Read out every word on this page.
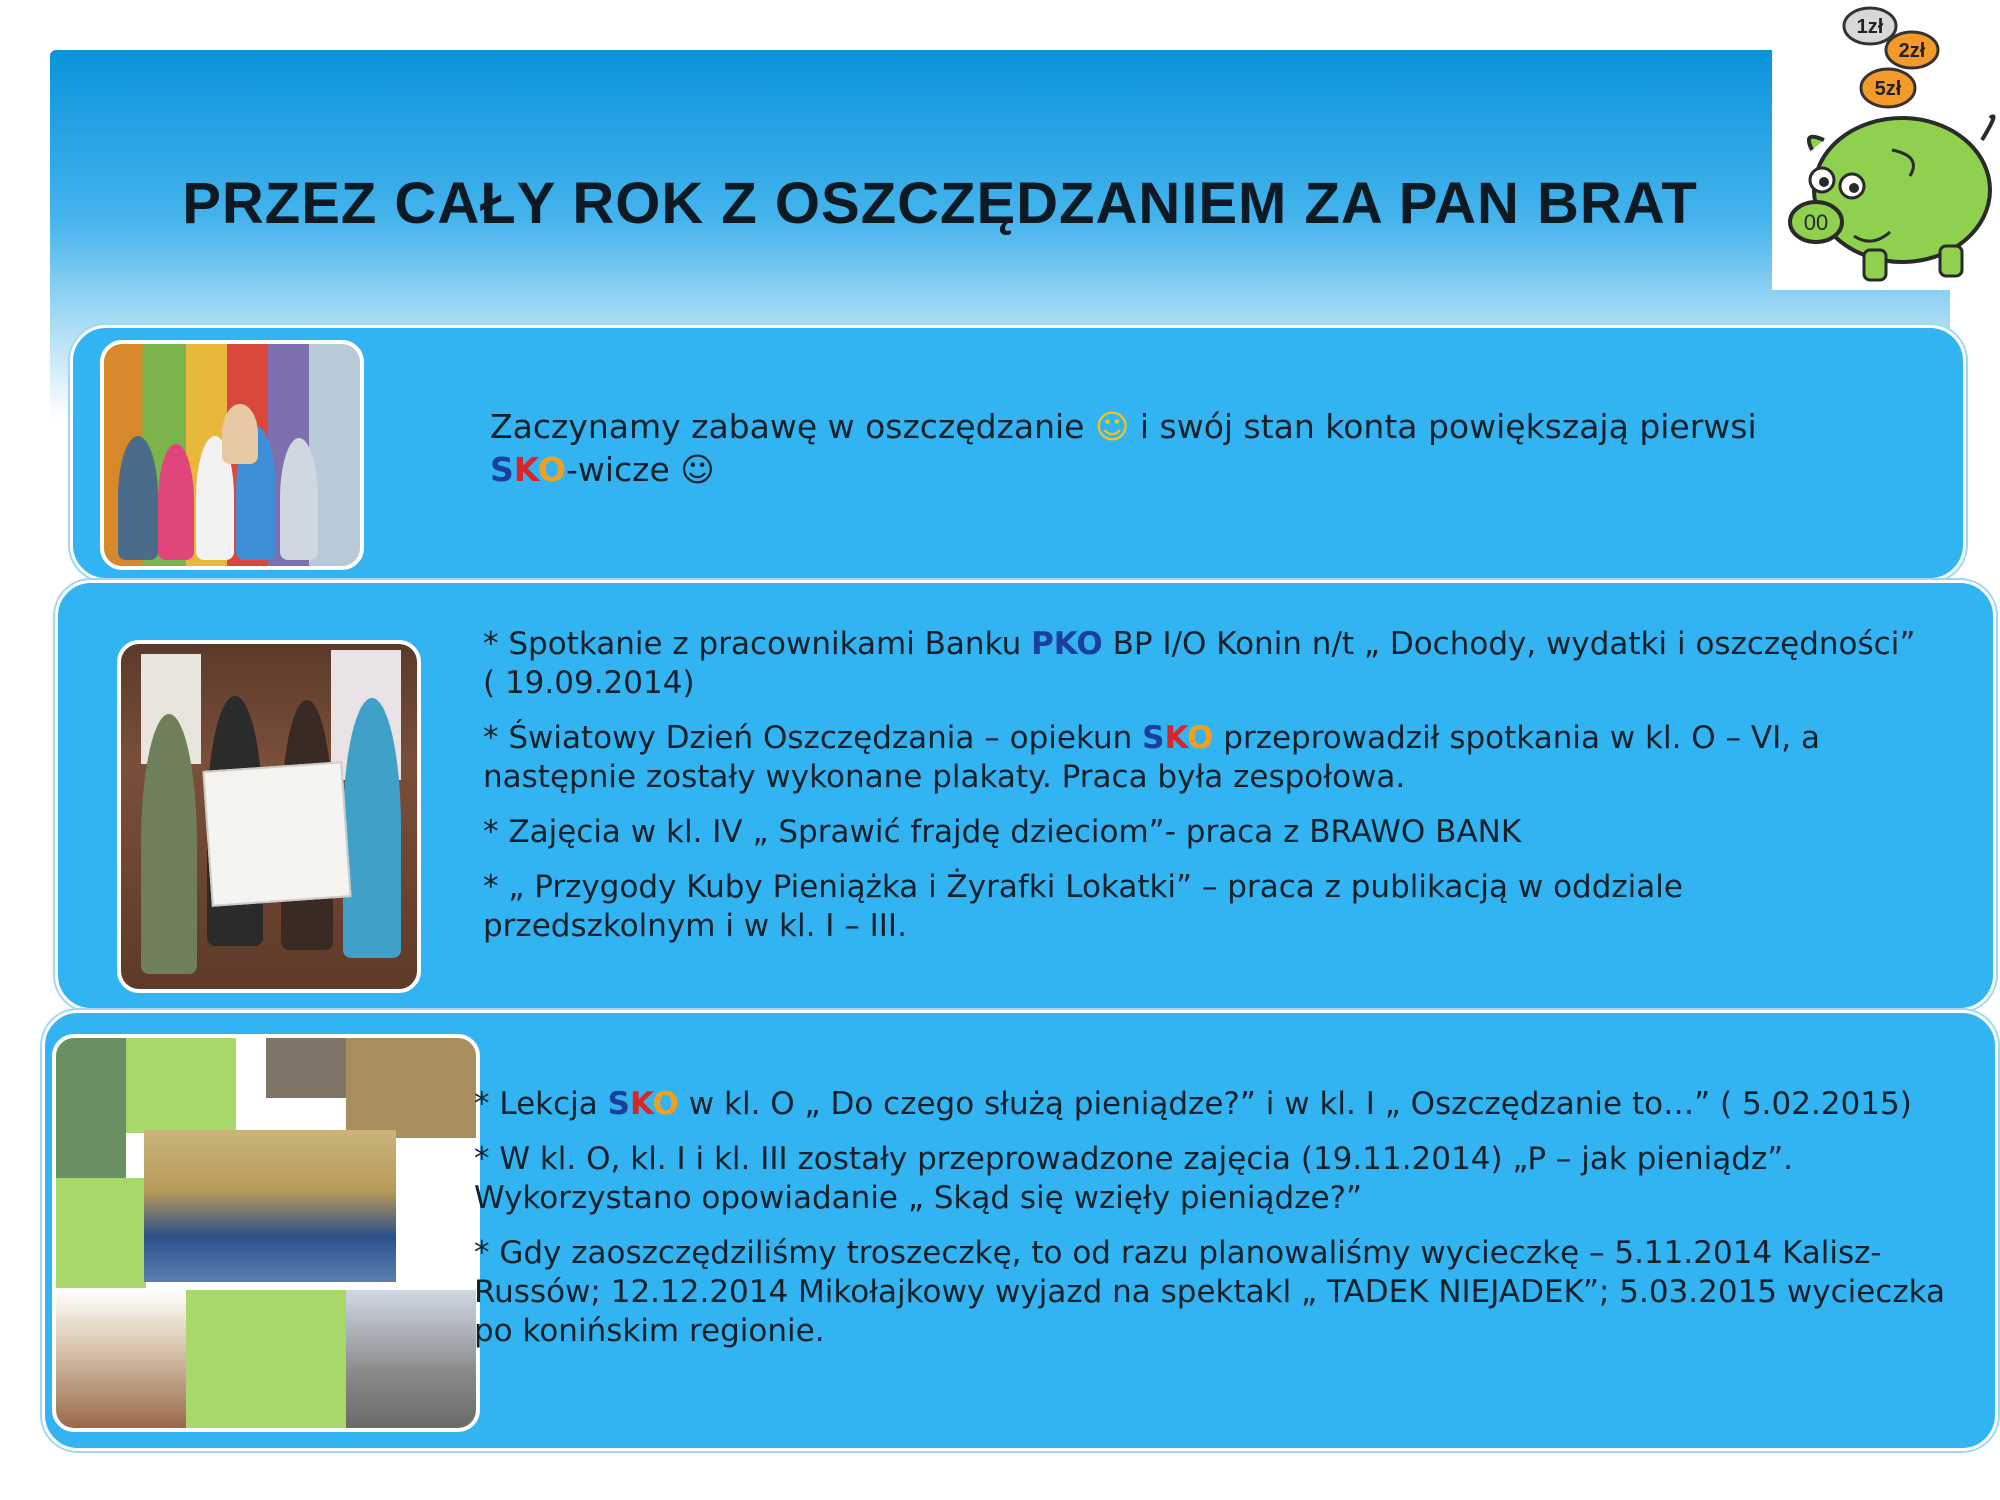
PRZEZ CAŁY ROK Z OSZCZĘDZANIEM ZA PAN BRAT
1zł
2zł
5zł
00
Zaczynamy zabawę w oszczędzanie ☺ i swój stan konta powiększają pierwsi SKO-wicze ☺

* Spotkanie z pracownikami Banku PKO BP I/O Konin n/t „ Dochody, wydatki i oszczędności” ( 19.09.2014)

* Światowy Dzień Oszczędzania – opiekun SKO przeprowadził spotkania w kl. O – VI, a następnie zostały wykonane plakaty. Praca była zespołowa.

* Zajęcia w kl. IV „ Sprawić frajdę dzieciom”- praca z BRAWO BANK

* „ Przygody Kuby Pieniążka i Żyrafki Lokatki” – praca z publikacją w oddziale przedszkolnym i w kl. I – III.

* Lekcja SKO w kl. O „ Do czego służą pieniądze?” i w kl. I „ Oszczędzanie to…” ( 5.02.2015)

* W kl. O, kl. I i kl. III zostały przeprowadzone zajęcia (19.11.2014) „P – jak pieniądz”. Wykorzystano opowiadanie „ Skąd się wzięły pieniądze?”

* Gdy zaoszczędziliśmy troszeczkę, to od razu planowaliśmy wycieczkę – 5.11.2014 Kalisz- Russów; 12.12.2014 Mikołajkowy wyjazd na spektakl „ TADEK NIEJADEK”; 5.03.2015 wycieczka po konińskim regionie.
